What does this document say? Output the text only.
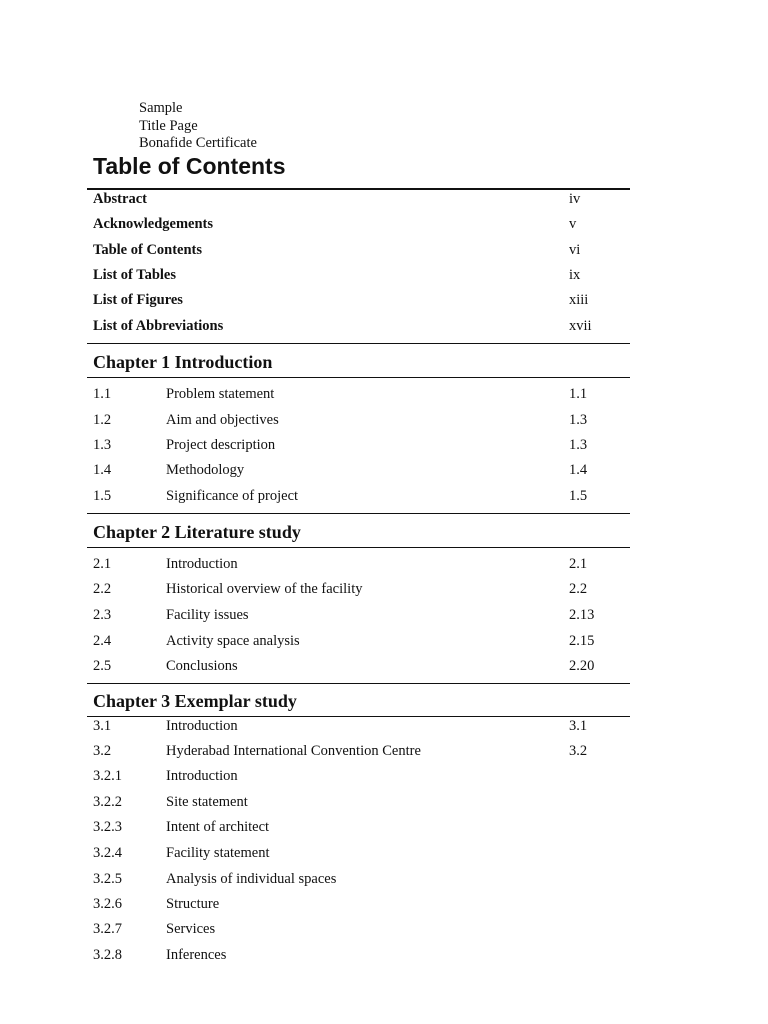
Sample
Title Page
Bonafide Certificate
Table of Contents
Abstract	iv
Acknowledgements	v
Table of Contents	vi
List of Tables	ix
List of Figures	xiii
List of Abbreviations	xvii
Chapter 1 Introduction
1.1	Problem statement	1.1
1.2	Aim and objectives	1.3
1.3	Project description	1.3
1.4	Methodology	1.4
1.5	Significance of project	1.5
Chapter 2 Literature study
2.1	Introduction	2.1
2.2	Historical overview of the facility	2.2
2.3	Facility issues	2.13
2.4	Activity space analysis	2.15
2.5	Conclusions	2.20
Chapter 3 Exemplar study
3.1	Introduction	3.1
3.2	Hyderabad International Convention Centre	3.2
3.2.1	Introduction
3.2.2	Site statement
3.2.3	Intent of architect
3.2.4	Facility statement
3.2.5	Analysis of individual spaces
3.2.6	Structure
3.2.7	Services
3.2.8	Inferences
